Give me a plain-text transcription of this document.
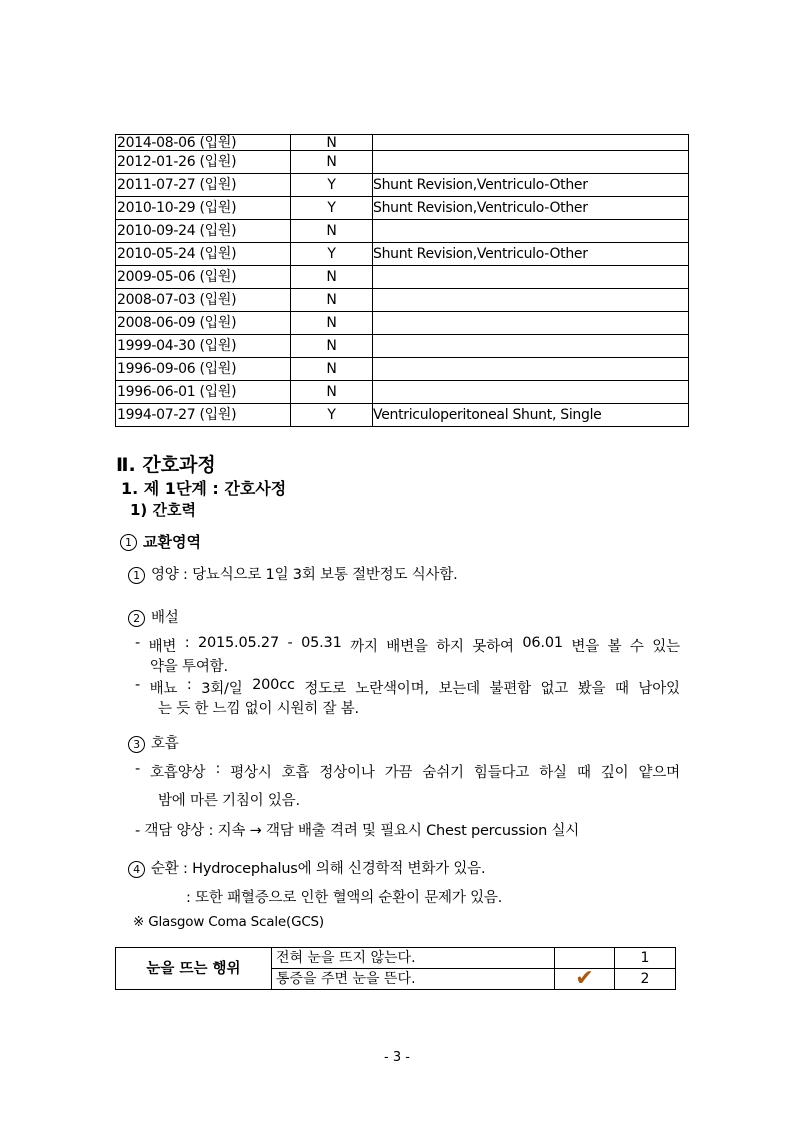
2014-08-06 (입원)	N	
2012-01-26 (입원)	N	
2011-07-27 (입원)	Y	Shunt Revision,Ventriculo-Other
2010-10-29 (입원)	Y	Shunt Revision,Ventriculo-Other
2010-09-24 (입원)	N	
2010-05-24 (입원)	Y	Shunt Revision,Ventriculo-Other
2009-05-06 (입원)	N	
2008-07-03 (입원)	N	
2008-06-09 (입원)	N	
1999-04-30 (입원)	N	
1996-09-06 (입원)	N	
1996-06-01 (입원)	N	
1994-07-27 (입원)	Y	Ventriculoperitoneal Shunt, Single
Ⅱ. 간호과정
1. 제 1단계 : 간호사정
1) 간호력
1 교환영역
1 영양 : 당뇨식으로 1일 3회 보통 절반정도 식사함.
2 배설
- 배변 : 2015.05.27 - 05.31 까지 배변을 하지 못하여 06.01 변을 볼 수 있는
약을 투여함.
- 배뇨 : 3회/일 200cc 정도로 노란색이며, 보는데 불편함 없고 봤을 때 남아있
는 듯 한 느낌 없이 시원히 잘 봄.
3 호흡
- 호흡양상 : 평상시 호흡 정상이나 가끔 숨쉬기 힘들다고 하실 때 깊이 얕으며
밤에 마른 기침이 있음.
- 객담 양상 : 지속 → 객담 배출 격려 및 필요시 Chest percussion 실시
4 순환 : Hydrocephalus에 의해 신경학적 변화가 있음.
: 또한 패혈증으로 인한 혈액의 순환이 문제가 있음.
※ Glasgow Coma Scale(GCS)
눈을 뜨는 행위	전혀 눈을 뜨지 않는다.		1
	통증을 주면 눈을 뜬다.	✔	2
- 3 -
